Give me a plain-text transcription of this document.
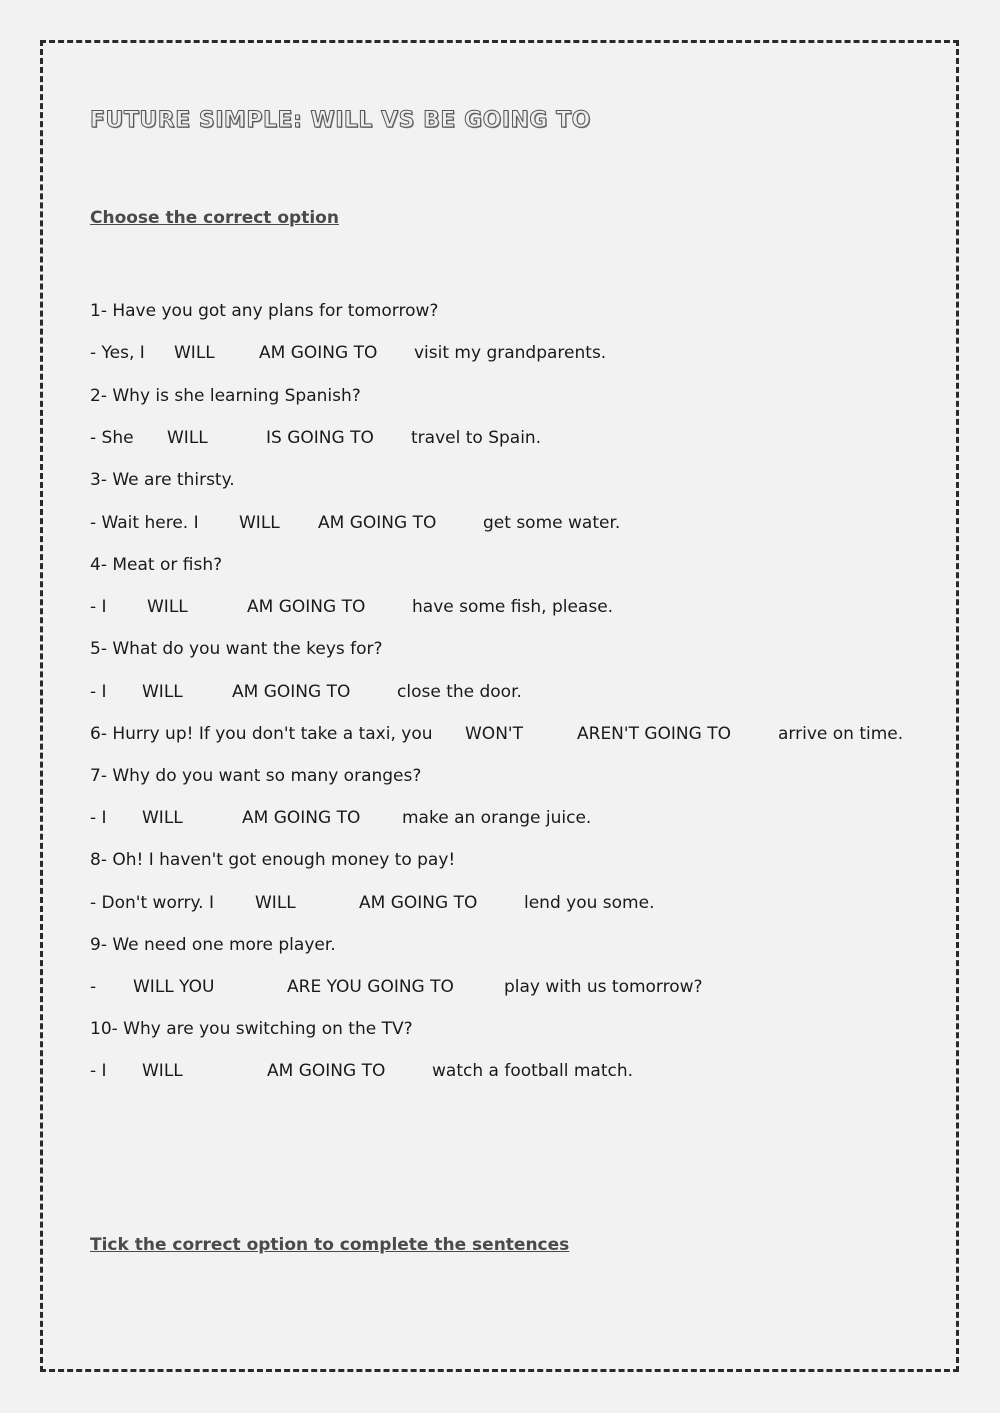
FUTURE SIMPLE: WILL VS BE GOING TO
Choose the correct option
1- Have you got any plans for tomorrow?
- Yes, I WILL	AM GOING TO visit my grandparents.
2- Why is she learning Spanish?
- She WILL	IS GOING TO travel to Spain.
3- We are thirsty.
- Wait here. I WILL AM GOING TO	get some water.
4- Meat or fish?
- I WILL	AM GOING TO	have some fish, please.
5- What do you want the keys for?
- I WILL	AM GOING TO	close the door.
6- Hurry up! If you don't take a taxi, you WON'T	AREN'T GOING TO	arrive on time.
7- Why do you want so many oranges?
- I WILL	AM GOING TO make an orange juice.
8- Oh! I haven't got enough money to pay!
- Don't worry. I WILL	AM GOING TO	lend you some.
9- We need one more player.
- WILL YOU	ARE YOU GOING TO	play with us tomorrow?
10- Why are you switching on the TV?
- I WILL	AM GOING TO	watch a football match.
Tick the correct option to complete the sentences
